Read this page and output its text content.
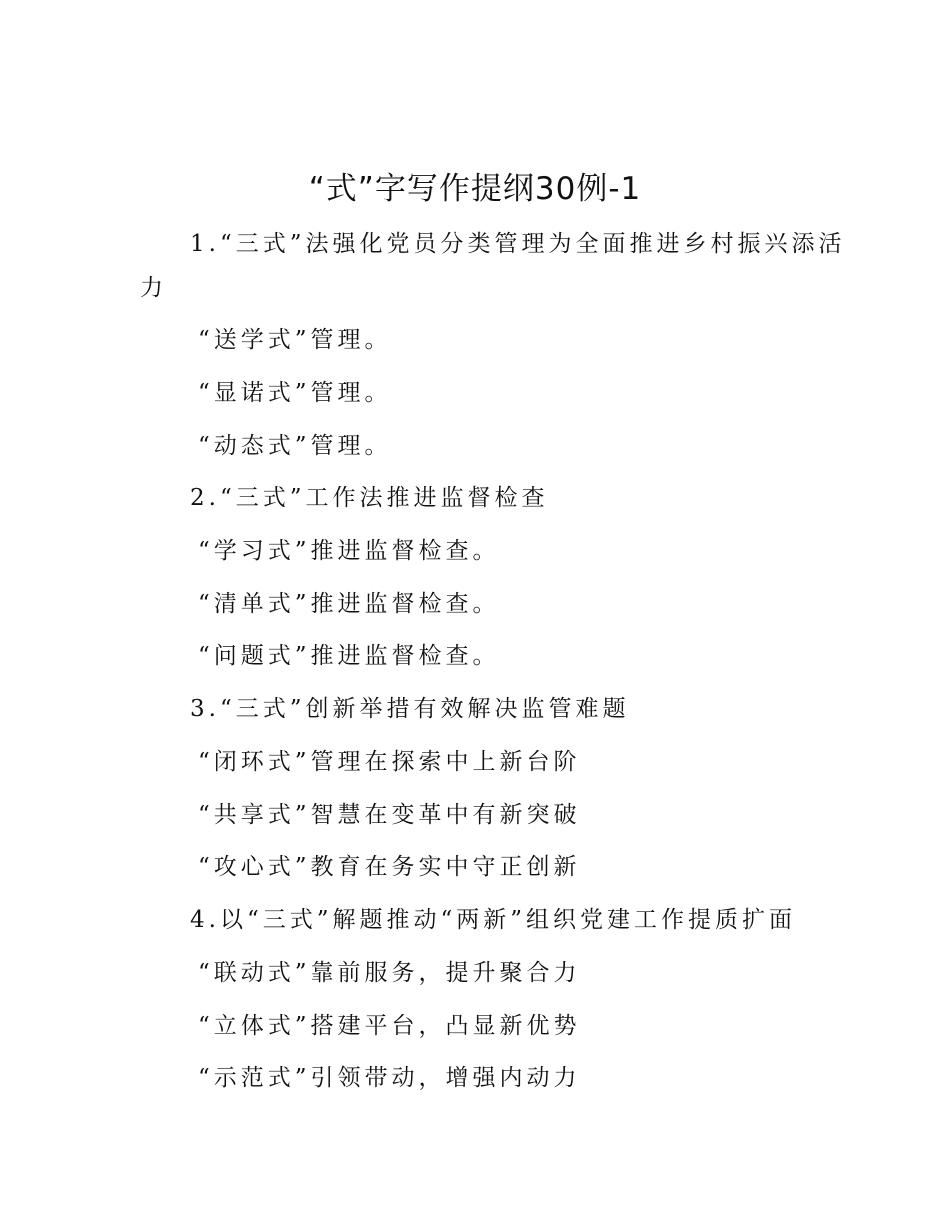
“式”字写作提纲30例-1
1.“三式”法强化党员分类管理为全面推进乡村振兴添活
力
“送学式”管理。
“显诺式”管理。
“动态式”管理。
2.“三式”工作法推进监督检查
“学习式”推进监督检查。
“清单式”推进监督检查。
“问题式”推进监督检查。
3.“三式”创新举措有效解决监管难题
“闭环式”管理在探索中上新台阶
“共享式”智慧在变革中有新突破
“攻心式”教育在务实中守正创新
4.以“三式”解题推动“两新”组织党建工作提质扩面
“联动式”靠前服务，提升聚合力
“立体式”搭建平台，凸显新优势
“示范式”引领带动，增强内动力
